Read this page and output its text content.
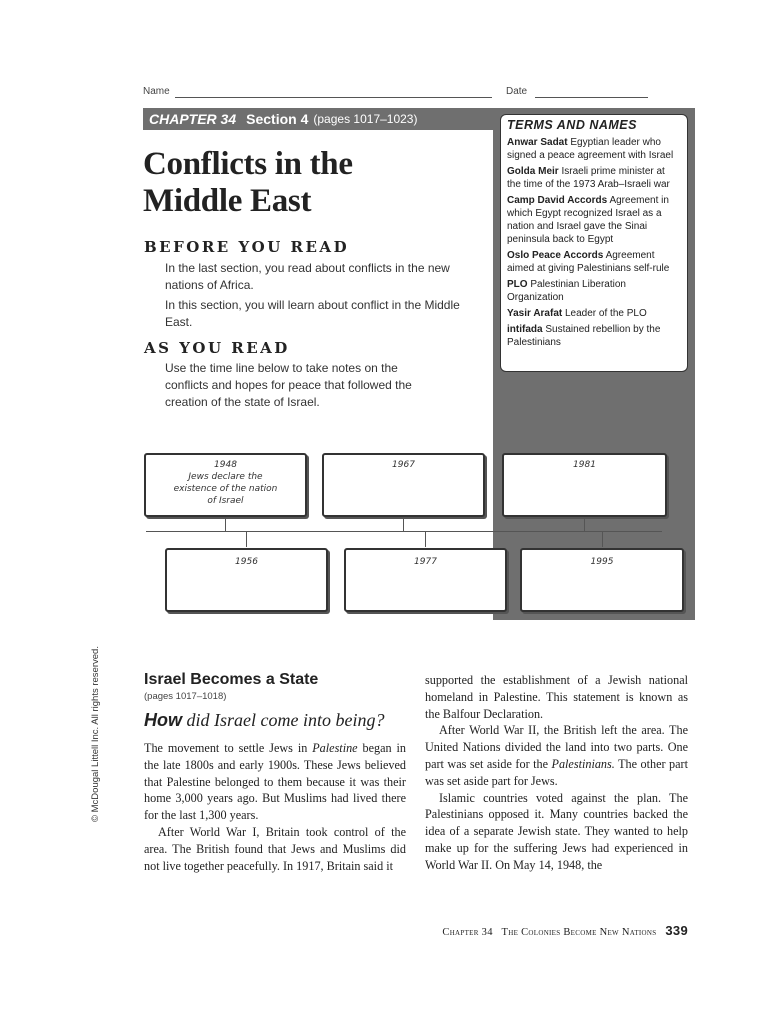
Name	Date
CHAPTER 34 Section 4 (pages 1017–1023)	TERMS AND NAMES
Anwar Sadat Egyptian leader who signed a peace agreement with Israel
Golda Meir Israeli prime minister at the time of the 1973 Arab–Israeli war
Camp David Accords Agreement in which Egypt recognized Israel as a nation and Israel gave the Sinai peninsula back to Egypt
Oslo Peace Accords Agreement aimed at giving Palestinians self-rule
PLO Palestinian Liberation Organization
Yasir Arafat Leader of the PLO
intifada Sustained rebellion by the Palestinians
Conflicts in the
Middle East
BEFORE YOU READ
In the last section, you read about conflicts in the new nations of Africa.
In this section, you will learn about conflict in the Middle East.
AS YOU READ
Use the time line below to take notes on the conflicts and hopes for peace that followed the creation of the state of Israel.
1948
Jews declare the existence of the nation of Israel
1967	1981
1956	1977	1995
© McDougal Littell Inc. All rights reserved.	Israel Becomes a State
(pages 1017–1018)
How did Israel come into being?

The movement to settle Jews in Palestine began in the late 1800s and early 1900s. These Jews believed that Palestine belonged to them because it was their home 3,000 years ago. But Muslims had lived there for the last 1,300 years.

After World War I, Britain took control of the area. The British found that Jews and Muslims did not live together peacefully. In 1917, Britain said it

supported the establishment of a Jewish national homeland in Palestine. This statement is known as the Balfour Declaration.

After World War II, the British left the area. The United Nations divided the land into two parts. One part was set aside for the Palestinians. The other part was set aside part for Jews.

Islamic countries voted against the plan. The Palestinians opposed it. Many countries backed the idea of a separate Jewish state. They wanted to help make up for the suffering Jews had experienced in World War II. On May 14, 1948, the

Chapter 34 The Colonies Become New Nations 339
